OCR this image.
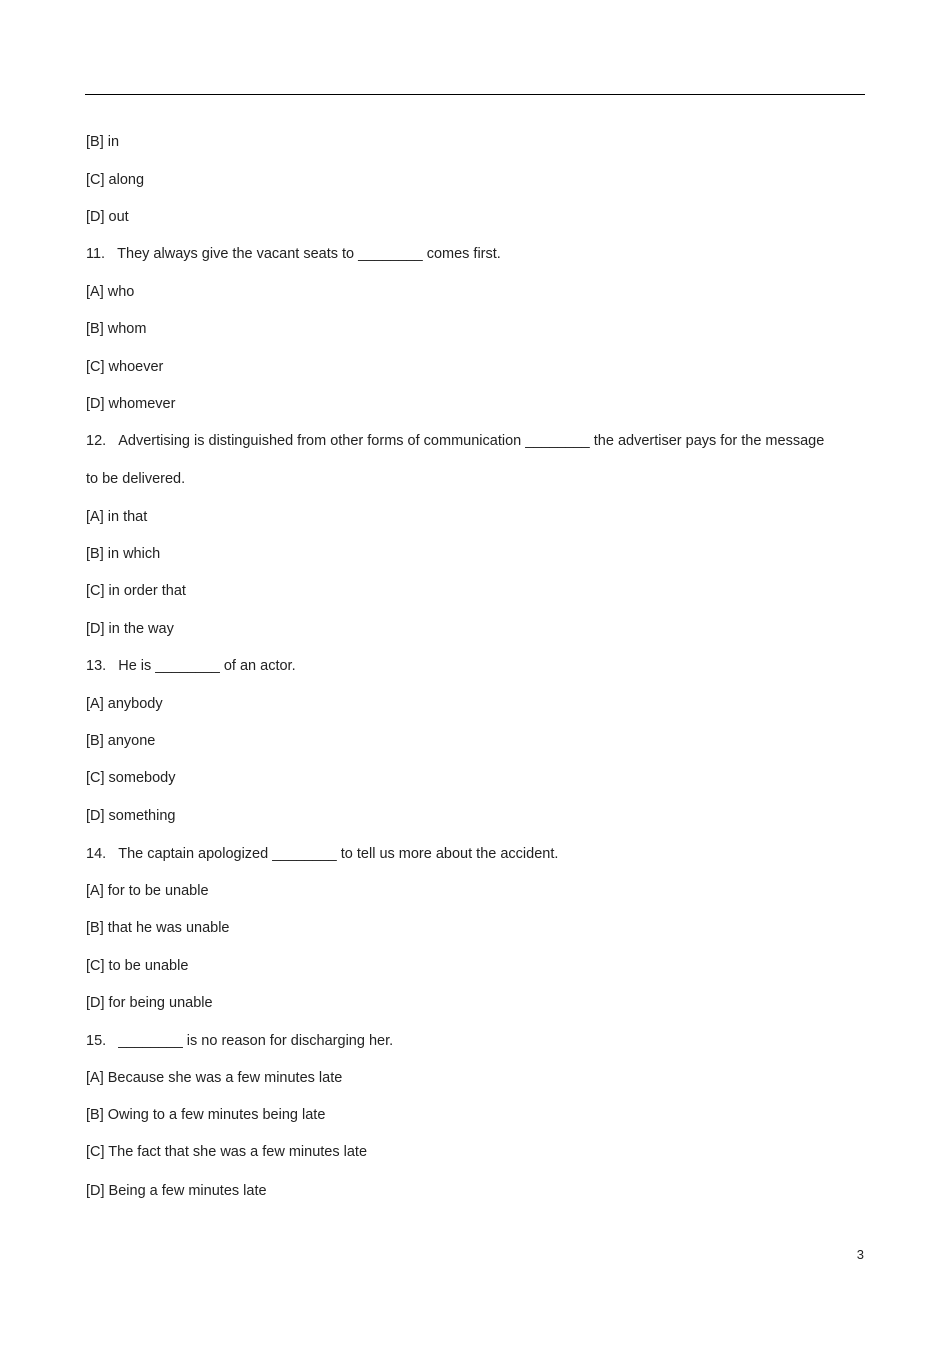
[B] in
[C] along
[D] out
11.   They always give the vacant seats to ________ comes first.
[A] who
[B] whom
[C] whoever
[D] whomever
12.   Advertising is distinguished from other forms of communication ________ the advertiser pays for the message
to be delivered.
[A] in that
[B] in which
[C] in order that
[D] in the way
13.   He is ________ of an actor.
[A] anybody
[B] anyone
[C] somebody
[D] something
14.   The captain apologized ________ to tell us more about the accident.
[A] for to be unable
[B] that he was unable
[C] to be unable
[D] for being unable
15.   ________ is no reason for discharging her.
[A] Because she was a few minutes late
[B] Owing to a few minutes being late
[C] The fact that she was a few minutes late
[D] Being a few minutes late
3
